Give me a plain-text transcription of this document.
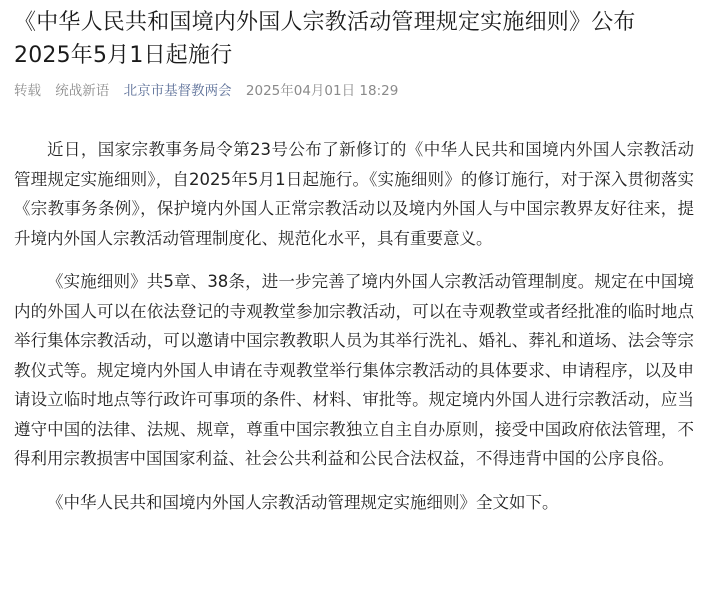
《中华人民共和国境内外国人宗教活动管理规定实施细则》公布 2025年5月1日起施行
转载 统战新语 北京市基督教两会 2025年04月01日 18:29

近日，国家宗教事务局令第23号公布了新修订的《中华人民共和国境内外国人宗教活动管理规定实施细则》，自2025年5月1日起施行。《实施细则》的修订施行，对于深入贯彻落实《宗教事务条例》，保护境内外国人正常宗教活动以及境内外国人与中国宗教界友好往来，提升境内外国人宗教活动管理制度化、规范化水平，具有重要意义。

《实施细则》共5章、38条，进一步完善了境内外国人宗教活动管理制度。规定在中国境内的外国人可以在依法登记的寺观教堂参加宗教活动，可以在寺观教堂或者经批准的临时地点举行集体宗教活动，可以邀请中国宗教教职人员为其举行洗礼、婚礼、葬礼和道场、法会等宗教仪式等。规定境内外国人申请在寺观教堂举行集体宗教活动的具体要求、申请程序，以及申请设立临时地点等行政许可事项的条件、材料、审批等。规定境内外国人进行宗教活动，应当遵守中国的法律、法规、规章，尊重中国宗教独立自主自办原则，接受中国政府依法管理，不得利用宗教损害中国国家利益、社会公共利益和公民合法权益，不得违背中国的公序良俗。

《中华人民共和国境内外国人宗教活动管理规定实施细则》全文如下。
